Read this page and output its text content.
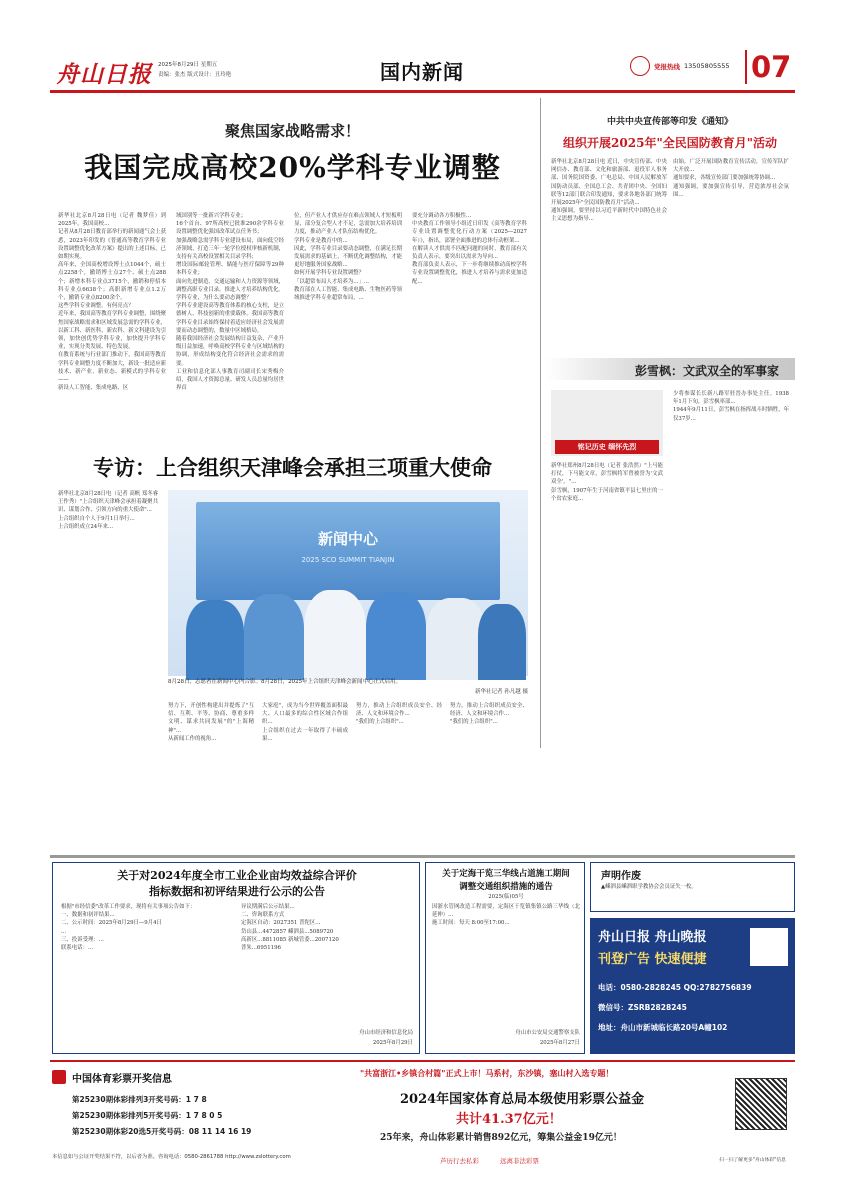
舟山日报 2025年8月29日 星期五
责编：张杰 版式设计：丑玲艳	国内新闻	党报热线 13505805555 07
聚焦国家战略需求！
我国完成高校20%学科专业调整
新华社北京8月28日电（记者 魏梦佳）到2025年，我国高校...
记者从8月28日教育部举行的新闻通气会上获悉，2023年印发的《普通高等教育学科专业设置调整优化改革方案》提出的上述目标，已如期实现。
高年来，全国高校增设博士点1044个，硕士点2258个，撤销博士点27个、硕士点288个；新增本科专业点3715个，撤销和停招本科专业点6638个；高职新增专业点1.2万个，撤销专业点8200余个。
这些学科专业调整，有何亮点？
近年来，我国高等教育学科专业调整，围绕聚焦国家战略需求和区域发展急需的学科专业，以新工科、新医科、新农科、新文科建设为引领，加快创优势学科专业，加快提升学科专业，实现分类发展、特色发展。
在教育系统与行业部门推动下，我国高等教育学科专业调整力度不断加大，新设一批适应新技术、新产业、新业态、新模式的学科专业——
新设人工智能、集成电路、区
域国别等一批新兴学科专业；
16个首台、97所高校已批准290余学科专业设置调整优化强国改革试点任务书；
加强战略急需学科专业建设布局，面向低空经济领域，打造三年一轮学位授权审核新机制，支持有关高校设置相关目录学科；
增设国际邮轮管理、储能与医疗保障等29种本科专业；
面向先进制造、交通运输和人力资源等领域，调整高职专业目录，推进人才培养结构优化。
学科专业，为什么要动态调整？
学科专业建设高等教育体系的核心支柱，是立德树人、科技创新的重要载体。我国高等教育学科专业目录始终保持着适应经济社会发展需要而动态调整的，数量中区域格局。
随着我国经济社会发展结构日益复杂，产业升级日益加速，呼唤高校学科专业与区域结构的协调，形成结构变化符合经济社会需求的需要。
工业和信息化部人事教育司副司长宋秀梅介绍，我国人才资源总量、研发人员总量均居世界首
位，但产业人才供应存在难点领域人才短板明显，部分复合型人才不足，急需加大培养培训力度，推动产业人才队伍结构优化。
学科专业是教育中的...
因此，学科专业目录要动态调整，在满足长期发展需求的基础上，不断优化调整结构，才能更好地服务国家战略...
如何开展学科专业设置调整？
「以超常布局人才培养为...」...
教育部在人工智能、集成电路、生物医药等领域推进学科专业超常布局，...
要充分调动各方积极性...
中央教育工作领导小组近日印发《高等教育学科专业设置调整优化行动方案（2025—2027年）》，指出，部署全面推进的总体行动框架...
在解读人才供需不匹配问题的同时，教育部有关负责人表示，要突出以需求为导向...
教育部负责人表示，下一步将继续推动高校学科专业设置调整优化，推进人才培养与需求更加适配...
专访：上合组织天津峰会承担三项重大使命
新华社北京8月28日电（记者 高帆 郑冬睿 王作秀）"上合组织天津峰会承担着凝聚共识、谋划合作、引领方向的重大使命"...
上合组织自个人于9月1日举行...
上合组织成立24年来...
新闻中心
2025 SCO SUMMIT TIANJIN
8月28日，志愿者在新闻中心内合影。8月28日，2025年上合组织天津峰会新闻中心正式启用。
新华社记者 孙凡越 摄
努力下，开创性构建出并提炼了"互信、互利、平等、协商、尊重多样文明、谋求共同发展"的"上海精神"...
从新闻工作的视角...
大家庭"，成为当今世界覆盖面积最大、人口最多的综合性区域合作组织...
上合组织在过去一年取得了丰硕成果...
努力，推动上合组织成员安全、经济、人文和环境合作...
"我们的上合组织"...
努力，推动上合组织成员安全、经济、人文和环境合作...
"我们的上合组织"...
中共中央宣传部等印发《通知》
组织开展2025年"全民国防教育月"活动
新华社北京8月28日电 近日，中央宣传部、中央网信办、教育部、文化和旅游部、退役军人事务部、国务院国资委、广电总局、中国人民解放军国防动员部、全国总工会、共青团中央、全国妇联等12部门联合印发通知，要求各地各部门统筹开展2025年"全民国防教育月"活动...
通知强调，要坚持以习近平新时代中国特色社会主义思想为指导...
由始。广泛开展国防教育宣传活动，宣传军队扩大开放...
通知要求，各级宣传部门要加强统筹协调...
通知强调，要加强宣传引导，营造浓厚社会氛围...
彭雪枫：文武双全的军事家
铭记历史 缅怀先烈
新华社郑州8月28日电（记者 张浩然）"上马能打仗，下马能文章，彭雪枫将军曾被誉为'文武双全'。"...
彭雪枫，1907年生于河南省镇平县七里庄的一个贫农家庭...
少将参谋长长新八路军驻晋办事处主任。1938年1月下旬，彭雪枫率部...
1944年9月11日，彭雪枫在指挥战斗时牺牲，年仅37岁...
关于对2024年度全市工业企业亩均效益综合评价
指标数据和初评结果进行公示的公告
根据"市经信委"改革工作要求，现将有关事项公告如下：
一、数据和初评结果...
二、公示时间：2025年8月29日—9月4日
...
三、投诉受理：...
联系电话：...
异议期满后公示结果...
二、咨询联系方式
定海区自动：2027351 普陀区...
岱山县...4472857 嵊泗县...5089720
高新区...8811085 新城管委...2007120
普朱...6951196
舟山市经济和信息化局
2025年8月29日
关于定海干览三华线占道施工期间
调整交通组织措施的通告
2025(临)05号
因浙水管网改造工程需要，定海区干览镇集镇公路三华线（北延伸）...
施工时间：每天 8:00至17:00...
舟山市公安局交通警察支队
2025年8月27日
声明作废
▲嵊泗县嵊泗职学教协会会员证失一枚。
舟山日报 舟山晚报
刊登广告 快速便捷
电话：0580-2828245 QQ:2782756839
微信号：ZSRB2828245
地址：舟山市新城临长路20号A幢102
中国体育彩票开奖信息
第25230期体彩排列3开奖号码：1 7 8
第25230期体彩排列5开奖号码：1 7 8 0 5
第25230期体彩20选5开奖号码：08 11 14 16 19
本信息如与公证开奖结果不符，以后者为准。咨询电话：0580-2861788 http://www.zslottery.com
"共富浙江•乡镇合村篇"正式上市！马系村，东沙镇，塞山村入选专题！
2024年国家体育总局本级使用彩票公益金
共计41.37亿元！
25年来，舟山体彩累计销售892亿元，筹集公益金19亿元！
芦历行去私彩	远离非法彩票	扫一扫了解更多"舟山体彩"信息
